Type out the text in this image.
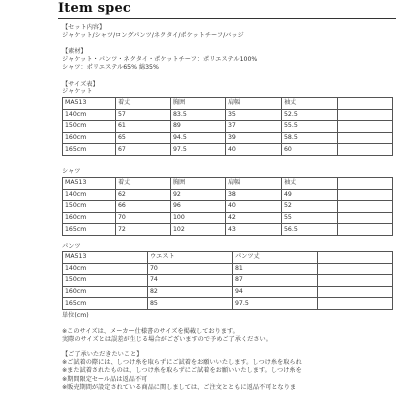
Item spec
【セット内容】
ジャケット/シャツ/ロングパンツ/ネクタイ/ポケットチーフ/バッジ
【素材】
ジャケット・パンツ・ネクタイ・ポケットチーフ：ポリエステル100%
シャツ：ポリエステル65% 綿35%
【サイズ表】
ジャケット
MA513	着丈	胸囲	肩幅	袖丈	
140cm	57	83.5	35	52.5	
150cm	61	89	37	55.5	
160cm	65	94.5	39	58.5	
165cm	67	97.5	40	60	
シャツ
MA513	着丈	胸囲	肩幅	袖丈	
140cm	62	92	38	49	
150cm	66	96	40	52	
160cm	70	100	42	55	
165cm	72	102	43	56.5	
パンツ
MA513	ウエスト	パンツ丈	
140cm	70	81	
150cm	74	87	
160cm	82	94	
165cm	85	97.5	
単位(cm)
※このサイズは、メーカー仕様書のサイズを掲載しております。
実際のサイズとは誤差が生じる場合がございますので予めご了承ください。
【ご了承いただきたいこと】
※ご試着の際には、しつけ糸を取らずにご試着をお願いいたします。しつけ糸を取られ
※また試着されたものは、しつけ糸を取らずにご試着をお願いいたします。しつけ糸を
※期間限定セール品は返品不可
※販売期間が設定されている商品に関しましては、ご注文とともに返品不可となりま
